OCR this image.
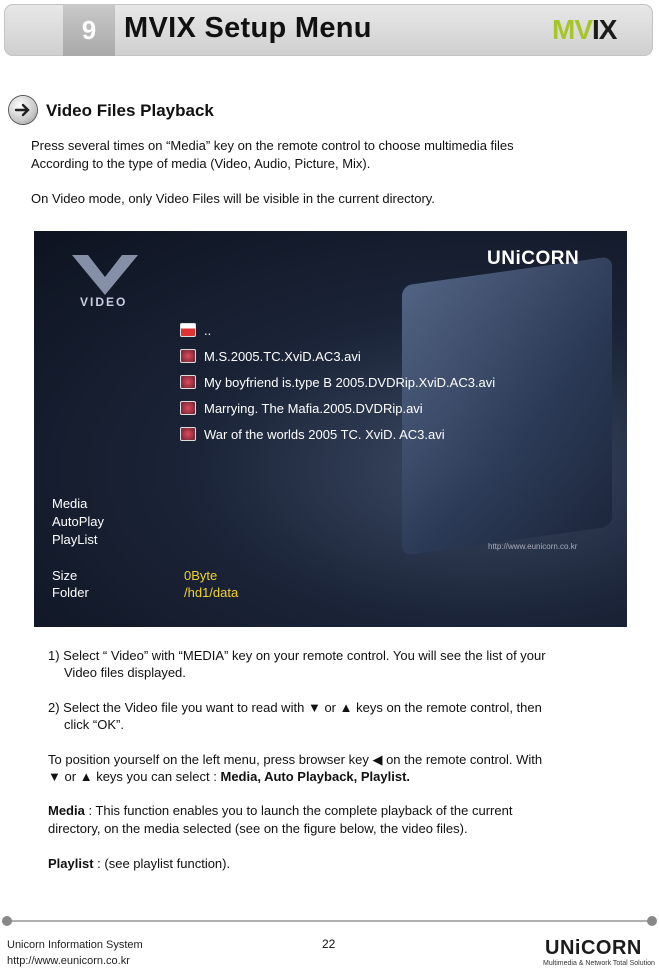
9 MVIX Setup Menu	MVIX
Video Files Playback
Press several times on “Media” key on the remote control to choose multimedia files
According to the type of media (Video, Audio, Picture, Mix).
On Video mode, only Video Files will be visible in the current directory.
VIDEO
UNiCORN
..
M.S.2005.TC.XviD.AC3.avi
My boyfriend is.type B 2005.DVDRip.XviD.AC3.avi
Marrying. The Mafia.2005.DVDRip.avi
War of the worlds 2005 TC. XviD. AC3.avi
Media
AutoPlay
PlayList
Size	0Byte
Folder	/hd1/data
http://www.eunicorn.co.kr
1) Select “ Video” with “MEDIA” key on your remote control. You will see the list of your
Video files displayed.
2) Select the Video file you want to read with ▼ or ▲ keys on the remote control, then
click “OK”.
To position yourself on the left menu, press browser key ◀ on the remote control. With
▼ or ▲ keys you can select : Media, Auto Playback, Playlist.
Media : This function enables you to launch the complete playback of the current
directory, on the media selected (see on the figure below, the video files).
Playlist : (see playlist function).
Unicorn Information System
http://www.eunicorn.co.kr
22	UNiCORN
Multimedia & Network Total Solution
